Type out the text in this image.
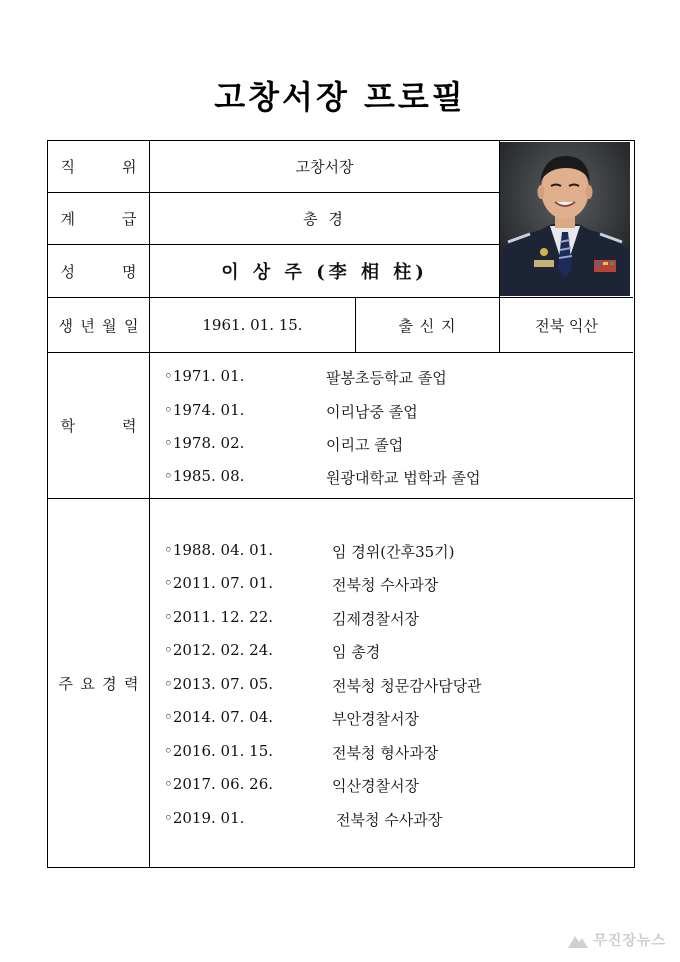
고창서장 프로필
직	위	고창서장
계	급	총 경
성	명	이 상 주 (李 相 柱)
생 년 월 일	1961. 01. 15.	출 신 지	전북 익산
학	력
◦1971. 01.	팔봉초등학교 졸업
◦1974. 01.	이리남중 졸업
◦1978. 02.	이리고 졸업
◦1985. 08.	원광대학교 법학과 졸업
주 요 경 력
◦1988. 04. 01.	임 경위(간후35기)
◦2011. 07. 01.	전북청 수사과장
◦2011. 12. 22.	김제경찰서장
◦2012. 02. 24.	임 총경
◦2013. 07. 05.	전북청 청문감사담당관
◦2014. 07. 04.	부안경찰서장
◦2016. 01. 15.	전북청 형사과장
◦2017. 06. 26.	익산경찰서장
◦2019. 01.	전북청 수사과장
무진장뉴스
